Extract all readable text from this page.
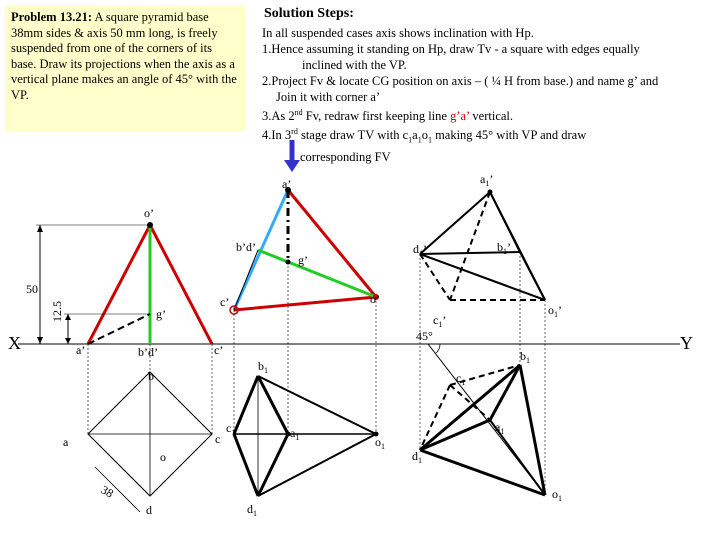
Problem 13.21: A square pyramid base 38mm sides & axis 50 mm long, is freely suspended from one of the corners of its base. Draw its projections when the axis as a vertical plane makes an angle of 45° with the VP.
Solution Steps:
In all suspended cases axis shows inclination with Hp.
1.Hence assuming it standing on Hp, draw Tv - a square with edges equally
inclined with the VP.
2.Project Fv & locate CG position on axis – ( ¼ H from base.) and name g’ and
Join it with corner a’
3.As 2nd Fv, redraw first keeping line g’a’ vertical.
4.In 3rd stage draw TV with $c_1a_1o_1$ making 45° with VP and draw
corresponding FV
X	Y
50
12.5
38
45°
o’
b’d’
g’
a’	b’d’	c’
b
a
o
c
d
a’
g’
c’	o’
$b_1$
$c_1$	$a_1$	$o_1$
$d_1$
$a_1$’
$d_1$’	$b_1$’
$c_1$’
$o_1$’
$b_1$
$c_1$
$a_1$
$d_1$
$o_1$
